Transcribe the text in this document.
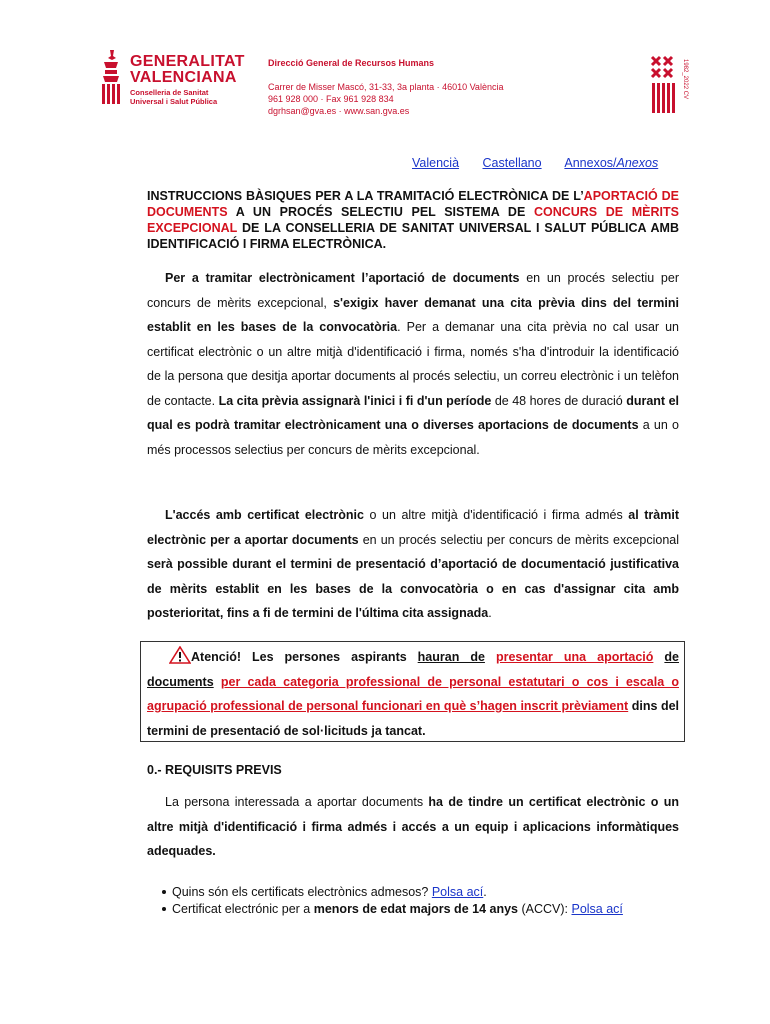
GENERALITAT
VALENCIANA
Conselleria de Sanitat
Universal i Salut Pública
Direcció General de Recursos Humans
Carrer de Misser Mascó, 31-33, 3a planta · 46010 València
961 928 000 · Fax 961 928 834
dgrhsan@gva.es · www.san.gva.es
1982_2022 CV
Valencià Castellano Annexos/Anexos
INSTRUCCIONS BÀSIQUES PER A LA TRAMITACIÓ ELECTRÒNICA DE L’APORTACIÓ DE DOCUMENTS A UN PROCÉS SELECTIU PEL SISTEMA DE CONCURS DE MÈRITS EXCEPCIONAL DE LA CONSELLERIA DE SANITAT UNIVERSAL I SALUT PÚBLICA AMB IDENTIFICACIÓ I FIRMA ELECTRÒNICA.
Per a tramitar electrònicament l’aportació de documents en un procés selectiu per concurs de mèrits excepcional, s'exigix haver demanat una cita prèvia dins del termini establit en les bases de la convocatòria. Per a demanar una cita prèvia no cal usar un certificat electrònic o un altre mitjà d'identificació i firma, només s'ha d'introduir la identificació de la persona que desitja aportar documents al procés selectiu, un correu electrònic i un telèfon de contacte. La cita prèvia assignarà l'inici i fi d'un període de 48 hores de duració durant el qual es podrà tramitar electrònicament una o diverses aportacions de documents a un o més processos selectius per concurs de mèrits excepcional.
L'accés amb certificat electrònic o un altre mitjà d'identificació i firma admés al tràmit electrònic per a aportar documents en un procés selectiu per concurs de mèrits excepcional serà possible durant el termini de presentació d’aportació de documentació justificativa de mèrits establit en les bases de la convocatòria o en cas d'assignar cita amb posterioritat, fins a fi de termini de l'última cita assignada.
Atenció! Les persones aspirants hauran de presentar una aportació de documents per cada categoria professional de personal estatutari o cos i escala o agrupació professional de personal funcionari en què s’hagen inscrit prèviament dins del termini de presentació de sol·licituds ja tancat.
0.- REQUISITS PREVIS
La persona interessada a aportar documents ha de tindre un certificat electrònic o un altre mitjà d'identificació i firma admés i accés a un equip i aplicacions informàtiques adequades.
Quins són els certificats electrònics admesos? Polsa ací.
Certificat electrónic per a menors de edat majors de 14 anys (ACCV): Polsa ací
